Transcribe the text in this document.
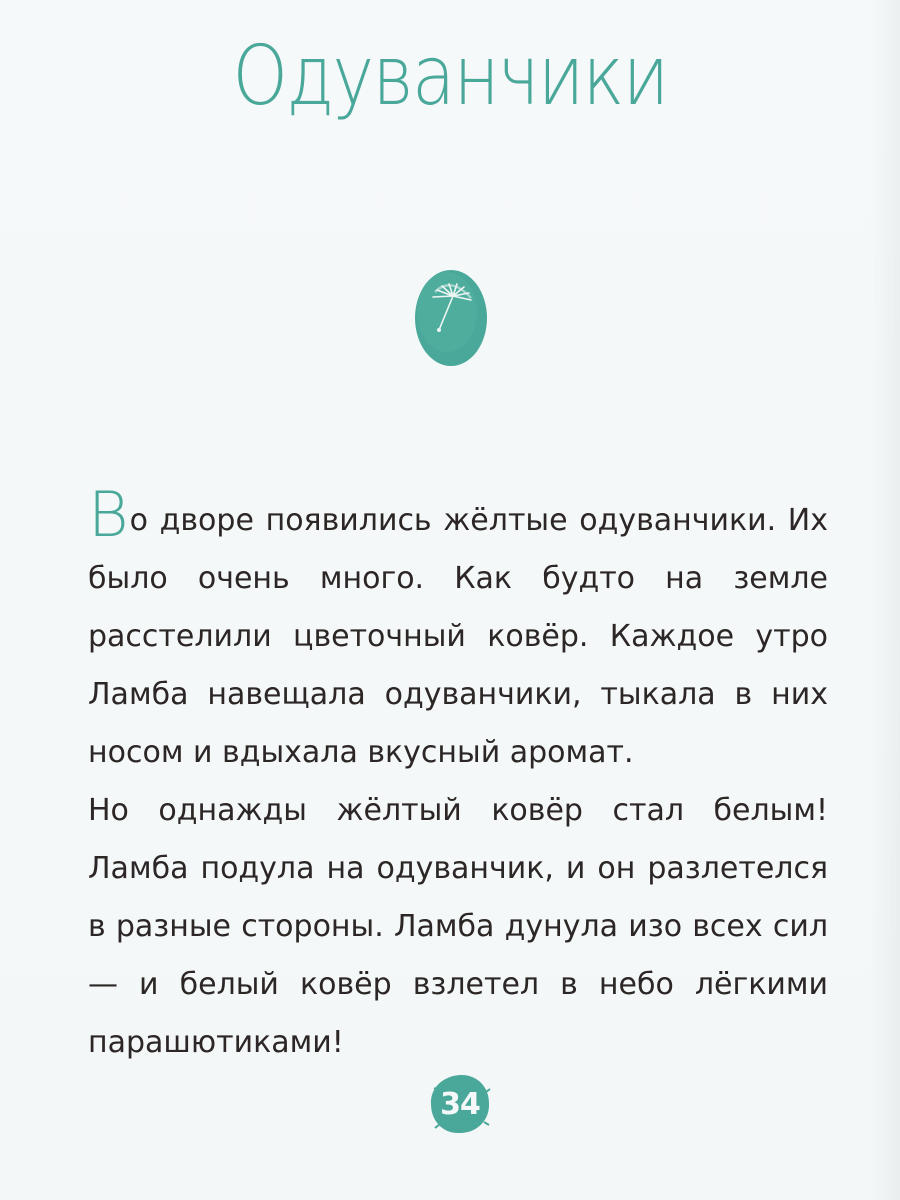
Одуванчики

Во дворе появились жёлтые одуванчики. Их было очень много. Как будто на земле расстелили цветочный ковёр. Каждое утро Ламба навещала одуванчики, тыкала в них носом и вдыхала вкусный аромат.

Но однажды жёлтый ковёр стал белым! Ламба подула на одуванчик, и он разлетелся в разные стороны. Ламба дунула изо всех сил — и белый ковёр взлетел в небо лёгкими парашютиками!

34
